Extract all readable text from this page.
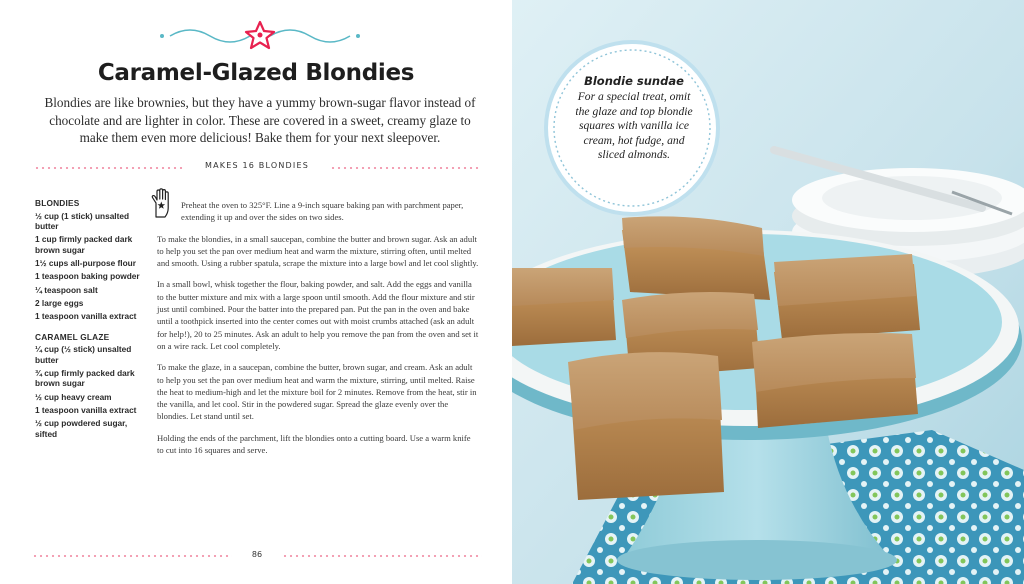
Caramel-Glazed Blondies
Blondies are like brownies, but they have a yummy brown-sugar flavor instead of chocolate and are lighter in color. These are covered in a sweet, creamy glaze to make them even more delicious! Bake them for your next sleepover.
MAKES 16 BLONDIES
BLONDIES
½ cup (1 stick) unsalted butter
1 cup firmly packed dark brown sugar
1½ cups all-purpose flour
1 teaspoon baking powder
¼ teaspoon salt
2 large eggs
1 teaspoon vanilla extract
CARAMEL GLAZE
¼ cup (½ stick) unsalted butter
¾ cup firmly packed dark brown sugar
½ cup heavy cream
1 teaspoon vanilla extract
½ cup powdered sugar, sifted

Preheat the oven to 325°F. Line a 9-inch square baking pan with parchment paper, extending it up and over the sides on two sides.

To make the blondies, in a small saucepan, combine the butter and brown sugar. Ask an adult to help you set the pan over medium heat and warm the mixture, stirring often, until melted and smooth. Using a rubber spatula, scrape the mixture into a large bowl and let cool slightly.

In a small bowl, whisk together the flour, baking powder, and salt. Add the eggs and vanilla to the butter mixture and mix with a large spoon until smooth. Add the flour mixture and stir just until combined. Pour the batter into the prepared pan. Put the pan in the oven and bake until a toothpick inserted into the center comes out with moist crumbs attached (ask an adult for help!), 20 to 25 minutes. Ask an adult to help you remove the pan from the oven and set it on a wire rack. Let cool completely.

To make the glaze, in a saucepan, combine the butter, brown sugar, and cream. Ask an adult to help you set the pan over medium heat and warm the mixture, stirring, until melted. Raise the heat to medium-high and let the mixture boil for 2 minutes. Remove from the heat, stir in the vanilla, and let cool. Stir in the powdered sugar. Spread the glaze evenly over the blondies. Let stand until set.

Holding the ends of the parchment, lift the blondies onto a cutting board. Use a warm knife to cut into 16 squares and serve.

86
Blondie sundae
For a special treat, omit the glaze and top blondie squares with vanilla ice cream, hot fudge, and sliced almonds.
